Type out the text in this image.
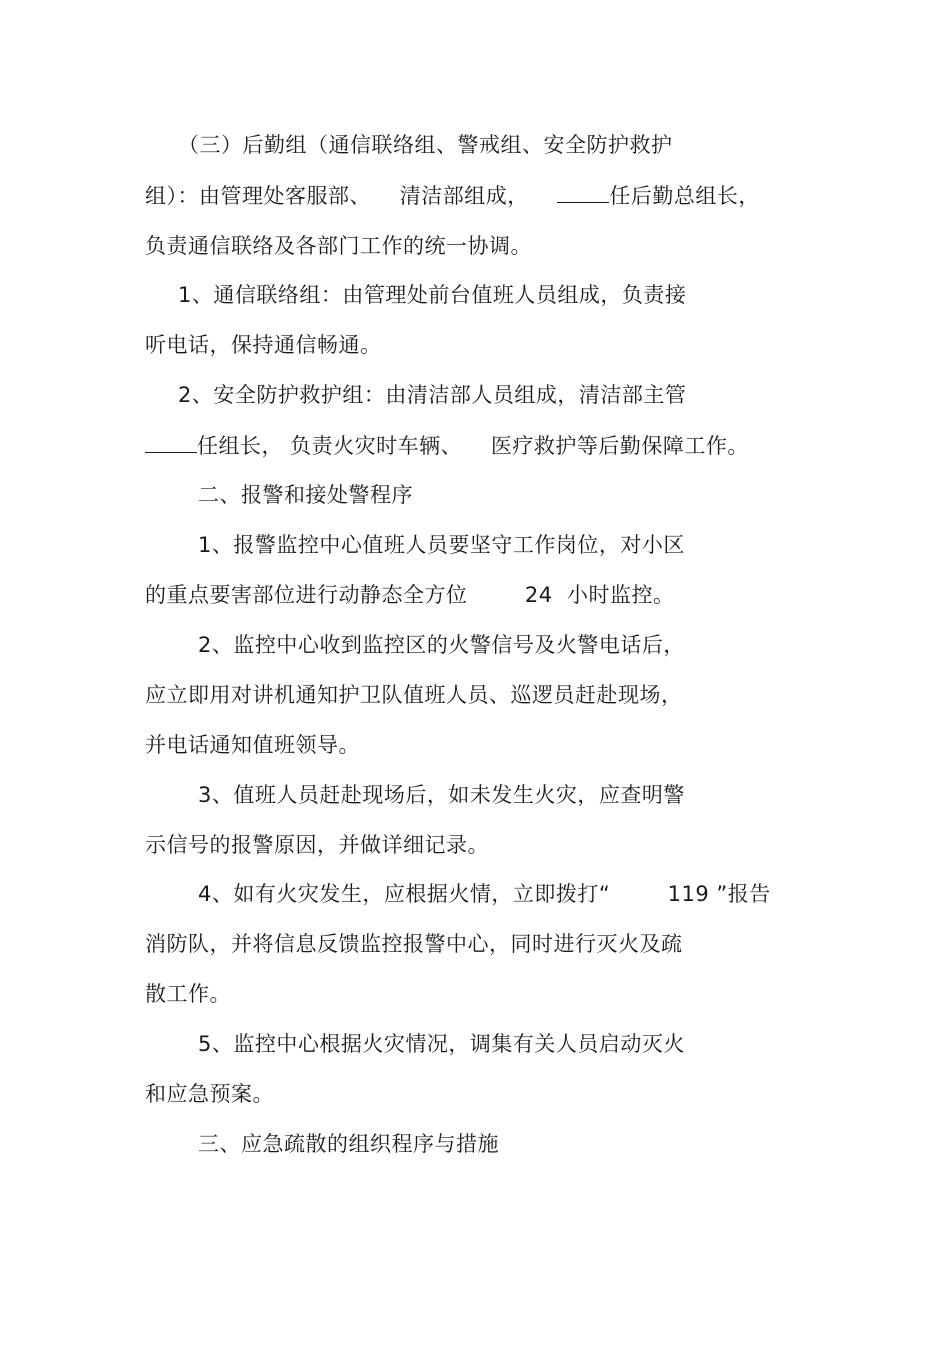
（三）后勤组（通信联络组、警戒组、安全防护救护
组）：由管理处客服部、    清洁部组成，    任后勤总组长，
负责通信联络及各部门工作的统一协调。
1、通信联络组：由管理处前台值班人员组成，负责接
听电话，保持通信畅通。
2、安全防护救护组：由清洁部人员组成，清洁部主管
任组长， 负责火灾时车辆、    医疗救护等后勤保障工作。
二、报警和接处警程序
1、报警监控中心值班人员要坚守工作岗位，对小区
的重点要害部位进行动静态全方位        24  小时监控。
2、监控中心收到监控区的火警信号及火警电话后，
应立即用对讲机通知护卫队值班人员、巡逻员赶赴现场，
并电话通知值班领导。
3、值班人员赶赴现场后，如未发生火灾，应查明警
示信号的报警原因，并做详细记录。
4、如有火灾发生，应根据火情，立即拨打“        119 ”报告
消防队，并将信息反馈监控报警中心，同时进行灭火及疏
散工作。
5、监控中心根据火灾情况，调集有关人员启动灭火
和应急预案。
三、应急疏散的组织程序与措施
